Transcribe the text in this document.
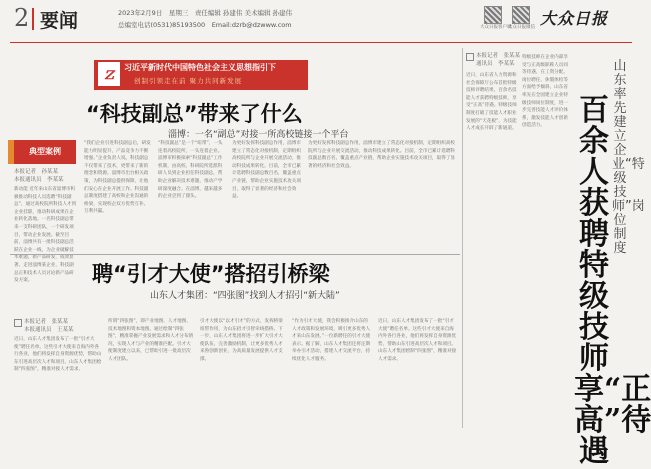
2 要闻	2023年2月9日　星期三　责任编辑 孙建伟 美术编辑 孙建伟
总编室电话(0531)85193500　Email:dzrb@dzwww.com	大众日报客户端
大众日报微信 大众日报
ｚ 习近平新时代中国特色社会主义思想指引下
创制引领走在前 聚力共同新发展
“科技副总”带来了什么
淄博：一名“副总”对接一所高校链接一个平台
典型案例
本报记者　孙某某
本报通讯员　李某某
新动能 近年来山东省淄博市积极推动科技人员选聘“科技副总”，通过高校院所科技人才到企业挂职，推动科研成果在企业转化落地。一名科技副总带来一支科研团队，一个研发项目，带动企业发展。截至目前，淄博共有一批科技副总活跃在企业一线，为企业破解技术难题，新产品研发，成效显著。走进淄博某企业，科技副总正和技术人员讨论新产品研发方案。
“我们企业引进科技副总后，研发能力明显提升，产品竞争力不断增强。”企业负责人说。科技副总不仅带来了技术，更带来了新的理念和资源。淄博市出台相关政策，为科技副总提供保障，让他们安心在企业开展工作。科技副总制度搭建了高校和企业沟通的桥梁，实现校企双方优势互补、互利共赢。
“科技副总”是一个“纽带”，一头连着高校院所，一头连着企业。淄博市积极探索“科技副总”工作机制，由高校、科研院所选派科研人员到企业担任科技副总，帮助企业解决技术难题，推动产学研深度融合。在淄博，越来越多的企业尝到了甜头。
为更好发挥科技副总作用，淄博市建立了常态化对接机制，定期组织高校院所与企业开展交流活动，推动科技成果转化。目前，全市已累计选聘科技副总数百名，覆盖重点产业链，帮助企业实施技术攻关项目，取得了显著的经济和社会效益。
为更好发挥科技副总作用，淄博市建立了常态化对接机制，定期组织高校院所与企业开展交流活动，推动科技成果转化。目前，全市已累计选聘科技副总数百名，覆盖重点产业链，帮助企业实施技术攻关项目，取得了显著的经济和社会效益。
聘“引才大使”搭招引桥梁
山东人才集团：“四张图”找到人才招引“新大陆”
本报记者　张某某
本报通讯员　王某某
近日，山东人才集团发布了一批“引才大使”聘任名单。这些引才大使来自海内外各行各业，他们将发挥自身资源优势，帮助山东引进高层次人才和项目。山东人才集团绘制“四张图”，精准对接人才需求。
所谓“四张图”，即产业地图、人才地图、技术地图和资本地图。通过绘制“四张图”，精准掌握产业发展需求和人才分布情况，实现人才与产业的精准匹配。引才大使制度建立以来，已帮助引进一批高层次人才团队。
引才大使以“以才引才”的方式，发挥桥梁纽带作用，为山东招才引智牵线搭桥。下一步，山东人才集团将进一步扩大引才大使队伍，完善激励机制，让更多优秀人才来鲁创新创业，为高质量发展提供人才支撑。
“作为引才大使，我会积极推介山东的人才政策和发展环境，吸引更多优秀人才来山东发展。”一位新聘任的引才大使表示。据了解，山东人才集团还将定期举办引才活动，搭建人才交流平台，持续优化人才服务。
近日，山东人才集团发布了一批“引才大使”聘任名单。这些引才大使来自海内外各行各业，他们将发挥自身资源优势，帮助山东引进高层次人才和项目。山东人才集团绘制“四张图”，精准对接人才需求。
本报记者　张某某
通讯员　李某某
近日，山东省人力资源和社会保障厅公布首批特级技师评聘结果，百余名技能人才获聘特级技师，享受“正高”待遇。特级技师制度打破了技能人才职业发展的“天花板”，为技能人才成长开辟了新通道。
特级技师在企业内部享受与正高级职称人员同等待遇，在工资分配、岗位聘任、休假体检等方面给予倾斜。山东省率先在全国建立企业特级技师岗位制度，进一步完善技能人才评价体系，激发技能人才创新创造活力。	百余人获聘特级技师享“正高”待遇
山东率先建立企业“特级技师”岗位制度
